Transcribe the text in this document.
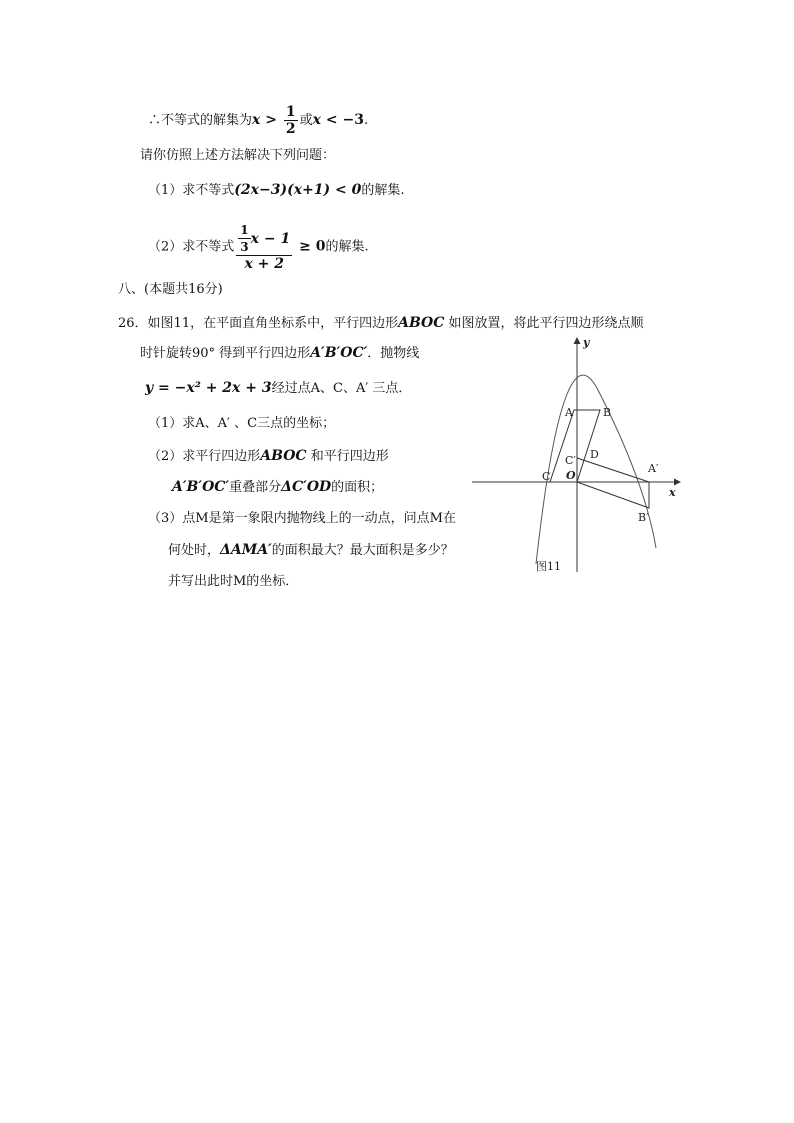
∴不等式的解集为$x > \frac{1}{2}$ 或x < −3.
请你仿照上述方法解决下列问题：
（1）求不等式(2x−3)(x+1) < 0的解集.
（2）求不等式 $\frac{\frac{1}{3} x - 1}{x + 2} \ge 0$的解集.
八、(本题共16分)
26．如图11，在平面直角坐标系中，平行四边形ABOC 如图放置，将此平行四边形绕点顺
时针旋转90° 得到平行四边形A′B′OC′．抛物线
y = −x² + 2x + 3经过点A、C、A′ 三点．
（1）求A、A′ 、C三点的坐标；
（2）求平行四边形ABOC 和平行四边形
A′B′OC′重叠部分ΔC′OD的面积；
（3）点M是第一象限内抛物线上的一动点，问点M在
何处时，ΔAMA′的面积最大？最大面积是多少？
并写出此时M的坐标．
A	B
C
C′ D
O
A′
B′
x
y
图11
